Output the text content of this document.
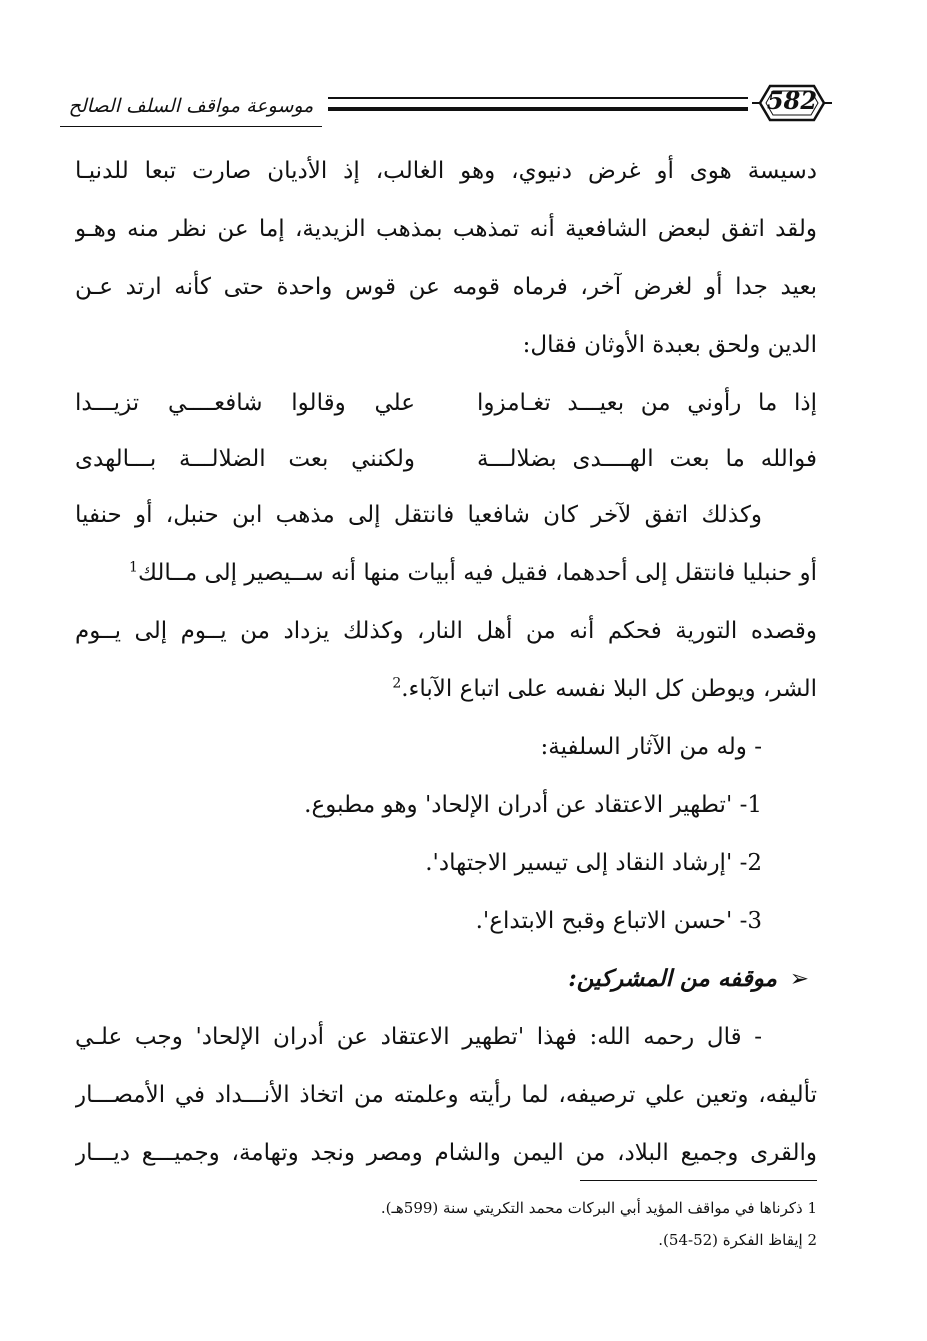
موسوعة مواقف السلف الصالح	582
دسيسة هوى أو غرض دنيوي، وهو الغالب، إذ الأديان صارت تبعا للدنيـا
ولقد اتفق لبعض الشافعية أنه تمذهب بمذهب الزيدية، إما عن نظر منه وهـو
بعيد جدا أو لغرض آخر، فرماه قومه عن قوس واحدة حتى كأنه ارتد عـن
الدين ولحق بعبدة الأوثان فقال:
إذا ما رأوني من بعيـــد تغـامزوا
علي وقالوا شافعــــي تزيـــدا
فوالله ما بعت الهــــدى بضلالـــة
ولكنني بعت الضلالـــة بـــالهدى
وكذلك اتفق لآخر كان شافعيا فانتقل إلى مذهب ابن حنبل، أو حنفيا
أو حنبليا فانتقل إلى أحدهما، فقيل فيه أبيات منها أنه ســيصير إلى مــالك$^1$
وقصده التورية فحكم أنه من أهل النار، وكذلك يزداد من يــوم إلى يــوم
الشر، ويوطن كل البلا نفسه على اتباع الآباء.$^2$
- وله من الآثار السلفية:
1- 'تطهير الاعتقاد عن أدران الإلحاد' وهو مطبوع.
2- 'إرشاد النقاد إلى تيسير الاجتهاد'.
3- 'حسن الاتباع وقبح الابتداع'.
➢موقفه من المشركين:
- قال رحمه الله: فهذا 'تطهير الاعتقاد عن أدران الإلحاد' وجب علـي
تأليفه، وتعين علي ترصيفه، لما رأيته وعلمته من اتخاذ الأنـــداد في الأمصـــار
والقرى وجميع البلاد، من اليمن والشام ومصر ونجد وتهامة، وجميـــع ديـــار
1 ذكرناها في مواقف المؤيد أبي البركات محمد التكريتي سنة (599هـ).
2 إيقاظ الفكرة (52-54).
